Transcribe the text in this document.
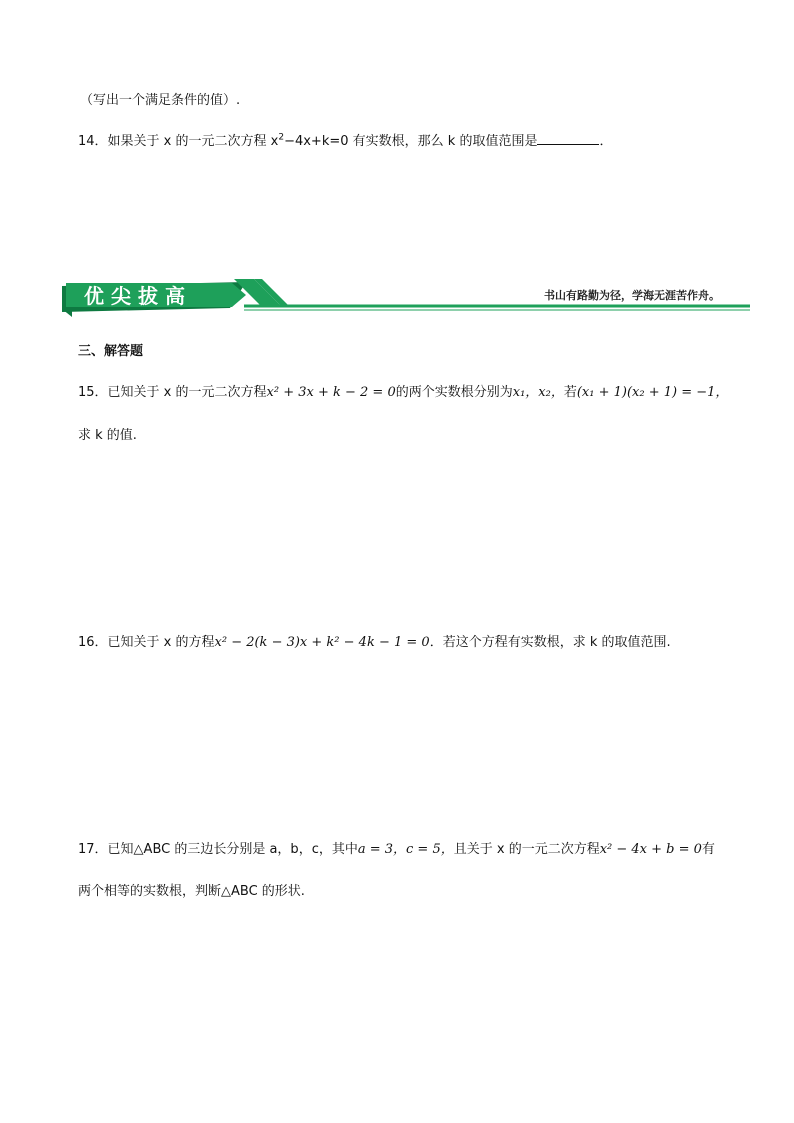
（写出一个满足条件的值）.
14．如果关于 x 的一元二次方程 $x^2-4x+k=0$ 有实数根，那么 k 的取值范围是	．
优尖拔高	书山有路勤为径，学海无涯苦作舟。
三、解答题
15．已知关于 x 的一元二次方程x² + 3x + k − 2 = 0的两个实数根分别为x₁，x₂，若(x₁ + 1)(x₂ + 1) = −1，
求 k 的值.
16．已知关于 x 的方程x² − 2(k − 3)x + k² − 4k − 1 = 0．若这个方程有实数根，求 k 的取值范围.
17．已知△ABC 的三边长分别是 a，b，c，其中a = 3，c = 5，且关于 x 的一元二次方程x² − 4x + b = 0有
两个相等的实数根，判断△ABC 的形状.
